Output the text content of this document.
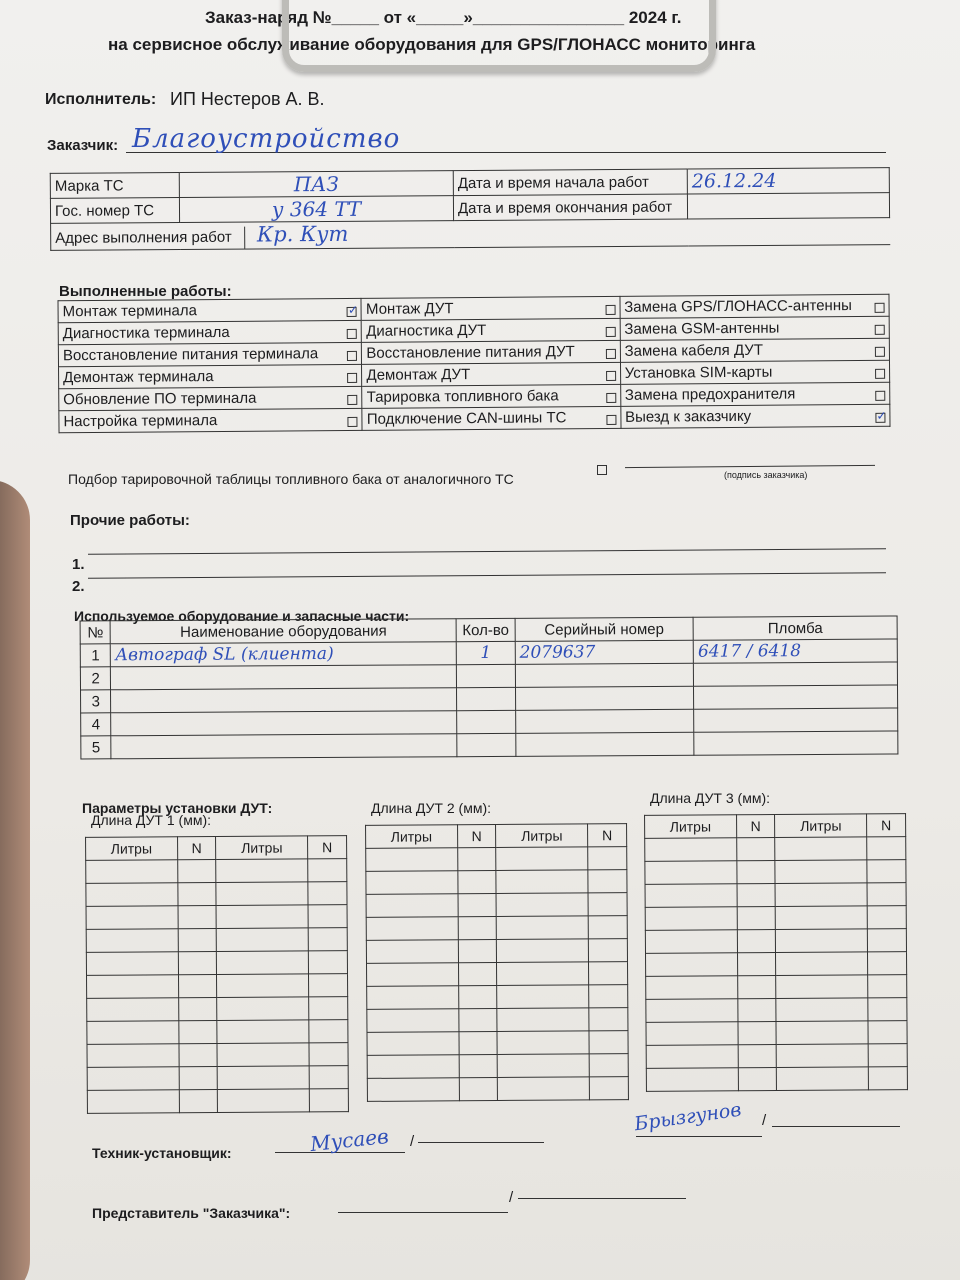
Заказ-наряд №_____ от «_____»________________ 2024 г.
на сервисное обслуживание оборудования для GPS/ГЛОНАСС мониторинга
Исполнитель: ИП Нестеров А. В.
Заказчик: Благоустройство
Марка ТС	ПАЗ	Дата и время начала работ	26.12.24
Гос. номер ТС	у 364 ТТ	Дата и время окончания работ	
Адрес выполнения работ Кр. Кут			
Выполненные работы:
Монтаж терминала ✓	Монтаж ДУТ	Замена GPS/ГЛОНАСС-антенны

Диагностика терминала	Диагностика ДУТ	Замена GSM-антенны

Восстановление питания терминала	Восстановление питания ДУТ	Замена кабеля ДУТ

Демонтаж терминала	Демонтаж ДУТ	Установка SIM-карты

Обновление ПО терминала	Тарировка топливного бака	Замена предохранителя

Настройка терминала	Подключение CAN-шины ТС	Выезд к заказчику ✓
Подбор тарировочной таблицы топливного бака от аналогичного ТС	(подпись заказчика)
Прочие работы:
1.
2.
Используемое оборудование и запасные части:
№	Наименование оборудования	Кол-во	Серийный номер	Пломба
1	Автограф SL (клиента)	1	2079637	6417 / 6418
2				
3				
4				
5				
Параметры установки ДУТ:
Длина ДУТ 1 (мм):
Литры	N	Литры	N

Длина ДУТ 2 (мм):
Литры	N	Литры	N

Длина ДУТ 3 (мм):
Литры	N	Литры	N

Техник-установщик:
/
Мусаев
Брызгунов /
Представитель "Заказчика":
/
